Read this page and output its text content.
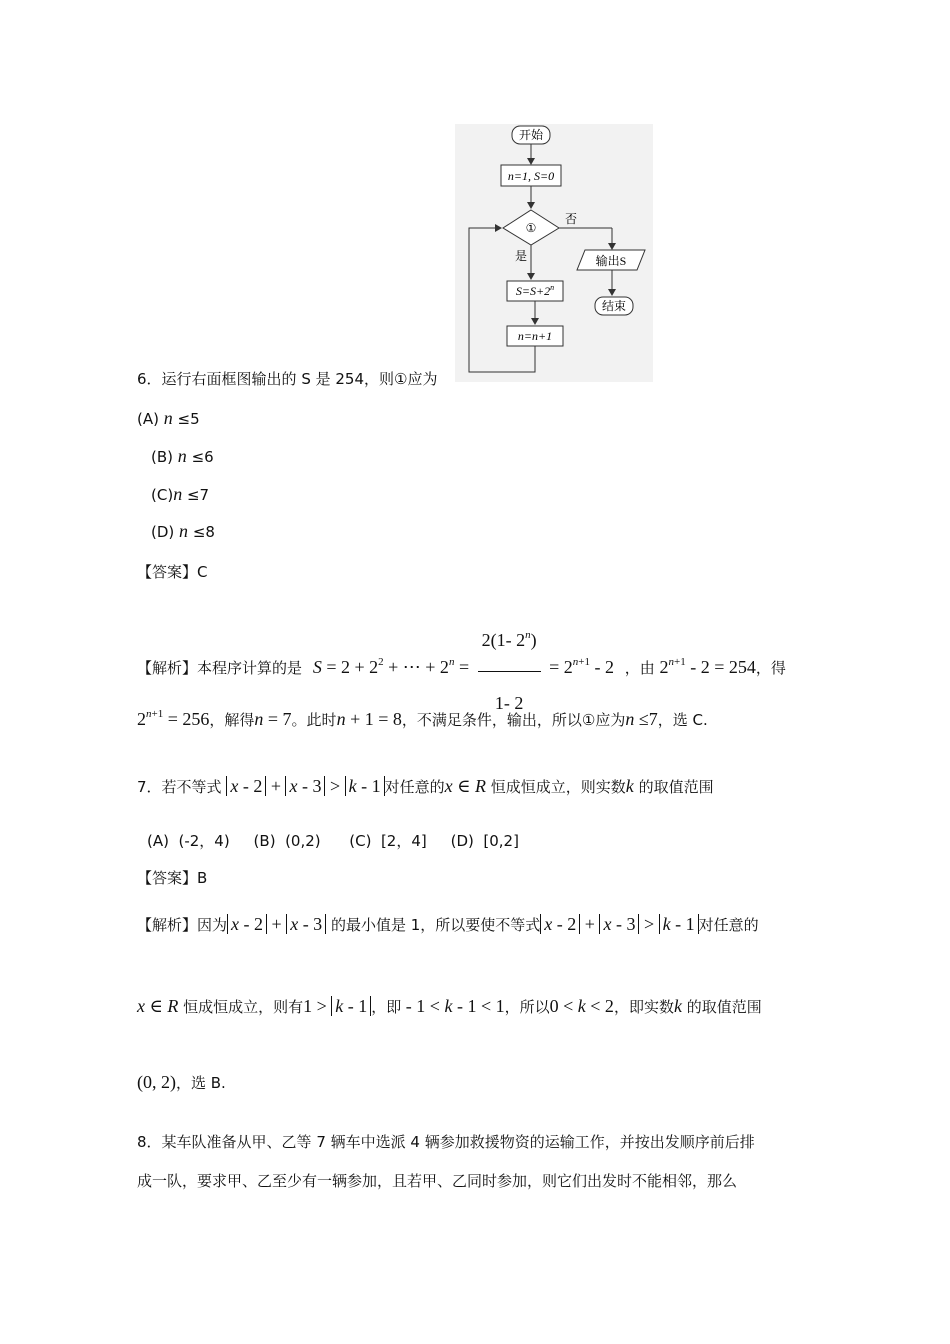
开始
n=1, S=0
①
否
输出S
结束
是
$S=S+2^n$
n=n+1
6．运行右面框图输出的 S 是 254，则①应为
(A) n ≤5
(B) n ≤6
(C)n ≤7
(D) n ≤8
【答案】C
【解析】本程序计算的是 $S = 2 + 2^2$ + ⋯ + $2^n = \frac{2(1- 2^n)}{1- 2} = 2^{n+1} - 2$ ，由 $2^{n+1} - 2 = 254$，得
$2^{n+1} = 256$，解得n = 7。此时n + 1 = 8，不满足条件，输出，所以①应为n ≤7，选 C.
7．若不等式 x - 2 + x - 3 > k - 1 对任意的x ∈ R 恒成恒成立，则实数k 的取值范围
(A)  (-2，4)     (B)  (0,2)      (C)  [2，4]     (D)  [0,2]
【答案】B
【解析】因为 x - 2 + x - 3 的最小值是 1，所以要使不等式 x - 2 + x - 3 > k - 1 对任意的
x ∈ R 恒成恒成立，则有1 > k - 1 ，即 - 1 < k - 1 < 1，所以0 < k < 2，即实数k 的取值范围
(0, 2)，选 B.
8．某车队准备从甲、乙等 7 辆车中选派 4 辆参加救援物资的运输工作，并按出发顺序前后排
成一队，要求甲、乙至少有一辆参加，且若甲、乙同时参加，则它们出发时不能相邻，那么
